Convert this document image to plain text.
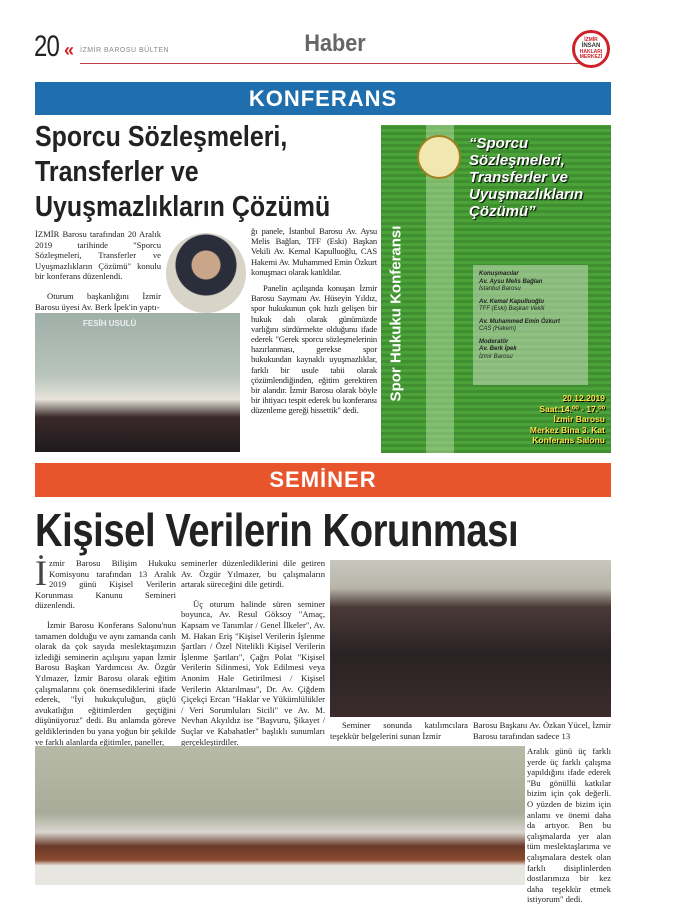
20 « İZMİR BAROSU BÜLTEN	Haber	İZMİR
İNSAN
HAKLARI MERKEZİ
KONFERANS
Sporcu Sözleşmeleri,
Transferler ve
Uyuşmazlıkların Çözümü

İZMİR Barosu tarafından 20 Aralık 2019 tarihinde "Sporcu Sözleşmeleri, Transferler ve Uyuşmazlıkların Çözümü" konulu bir konferans düzenlendi.

Oturum başkanlığını İzmir Barosu üyesi Av. Berk İpek'in yaptı-

ğı panele, İstanbul Barosu Av. Aysu Melis Bağlan, TFF (Eski) Başkan Vekili Av. Kemal Kapulluoğlu, CAS Hakemi Av. Muhammed Emin Özkurt konuşmacı olarak katıldılar.

Panelin açılışında konuşan İzmir Barosu Saymanı Av. Hüseyin Yıldız, spor hukukunun çok hızlı gelişen bir hukuk dalı olarak günümüzde varlığını sürdürmekte olduğunu ifade ederek "Gerek sporcu sözleşmelerinin hazırlanması, gerekse spor hukukundan kaynaklı uyuşmazlıklar, farklı bir usule tabii olarak çözümlendiğinden, eğitim gerektiren bir alandır. İzmir Barosu olarak böyle bir ihtiyacı tespit ederek bu konferansı düzenleme gereği hissettik" dedi.

FESİH USULÜ	Spor Hukuku Konferansı
“Sporcu
Sözleşmeleri,
Transferler ve
Uyuşmazlıkların
Çözümü”
Konuşmacılar
Av. Aysu Melis Bağlan
İstanbul Barosu
Av. Kemal Kapulluoğlu
TFF (Eski) Başkan Vekili
Av. Muhammed Emin Özkurt
CAS (Hakem)
Moderatör
Av. Berk İpek
İzmir Barosu
20.12.2019
Saat:14.⁰⁰ - 17.⁰⁰
İzmir Barosu
Merkez Bina 3. Kat
Konferans Salonu
SEMİNER
Kişisel Verilerin Korunması

İzmir Barosu Bilişim Hukuku Komisyonu tarafından 13 Aralık 2019 günü Kişisel Verilerin Korunması Kanunu Semineri düzenlendi.

İzmir Barosu Konferans Salonu'nun tamamen dolduğu ve aynı zamanda canlı olarak da çok sayıda meslektaşımızın izlediği seminerin açılışını yapan İzmir Barosu Başkan Yardımcısı Av. Özgür Yılmazer, İzmir Barosu olarak eğitim çalışmalarını çok önemsediklerini ifade ederek, "İyi hukukçuluğun, güçlü avukatlığın eğitimlerden geçtiğini düşünüyoruz" dedi. Bu anlamda göreve geldiklerinden bu yana yoğun bir şekilde ve farklı alanlarda eğitimler, paneller,

seminerler düzenlediklerini dile getiren Av. Özgür Yılmazer, bu çalışmaların artarak süreceğini dile getirdi.

Üç oturum halinde süren seminer boyunca, Av. Resul Göksoy "Amaç, Kapsam ve Tanımlar / Genel İlkeler", Av. M. Hakan Eriş "Kişisel Verilerin İşlenme Şartları / Özel Nitelikli Kişisel Verilerin İşlenme Şartları", Çağrı Polat "Kişisel Verilerin Silinmesi, Yok Edilmesi veya Anonim Hale Getirilmesi / Kişisel Verilerin Aktarılması", Dr. Av. Çiğdem Çiçekçi Ercan "Haklar ve Yükümlülükler / Veri Sorumluları Sicili" ve Av. M. Nevhan Akyıldız ise "Başvuru, Şikayet / Suçlar ve Kabahatler" başlıklı sunumları gerçekleştirdiler.

Seminer sonunda katılımcılara teşekkür belgelerini sunan İzmir
Barosu Başkanı Av. Özkan Yücel, İzmir Barosu tarafından sadece 13
Aralık günü üç farklı yerde üç farklı çalışma yapıldığını ifade ederek "Bu gönüllü katkılar bizim için çok değerli. O yüzden de bizim için anlamı ve önemi daha da artıyor. Ben bu çalışmalarda yer alan tüm meslektaşlarıma ve çalışmalara destek olan farklı disiplinlerden dostlarımıza bir kez daha teşekkür etmek istiyorum" dedi.
